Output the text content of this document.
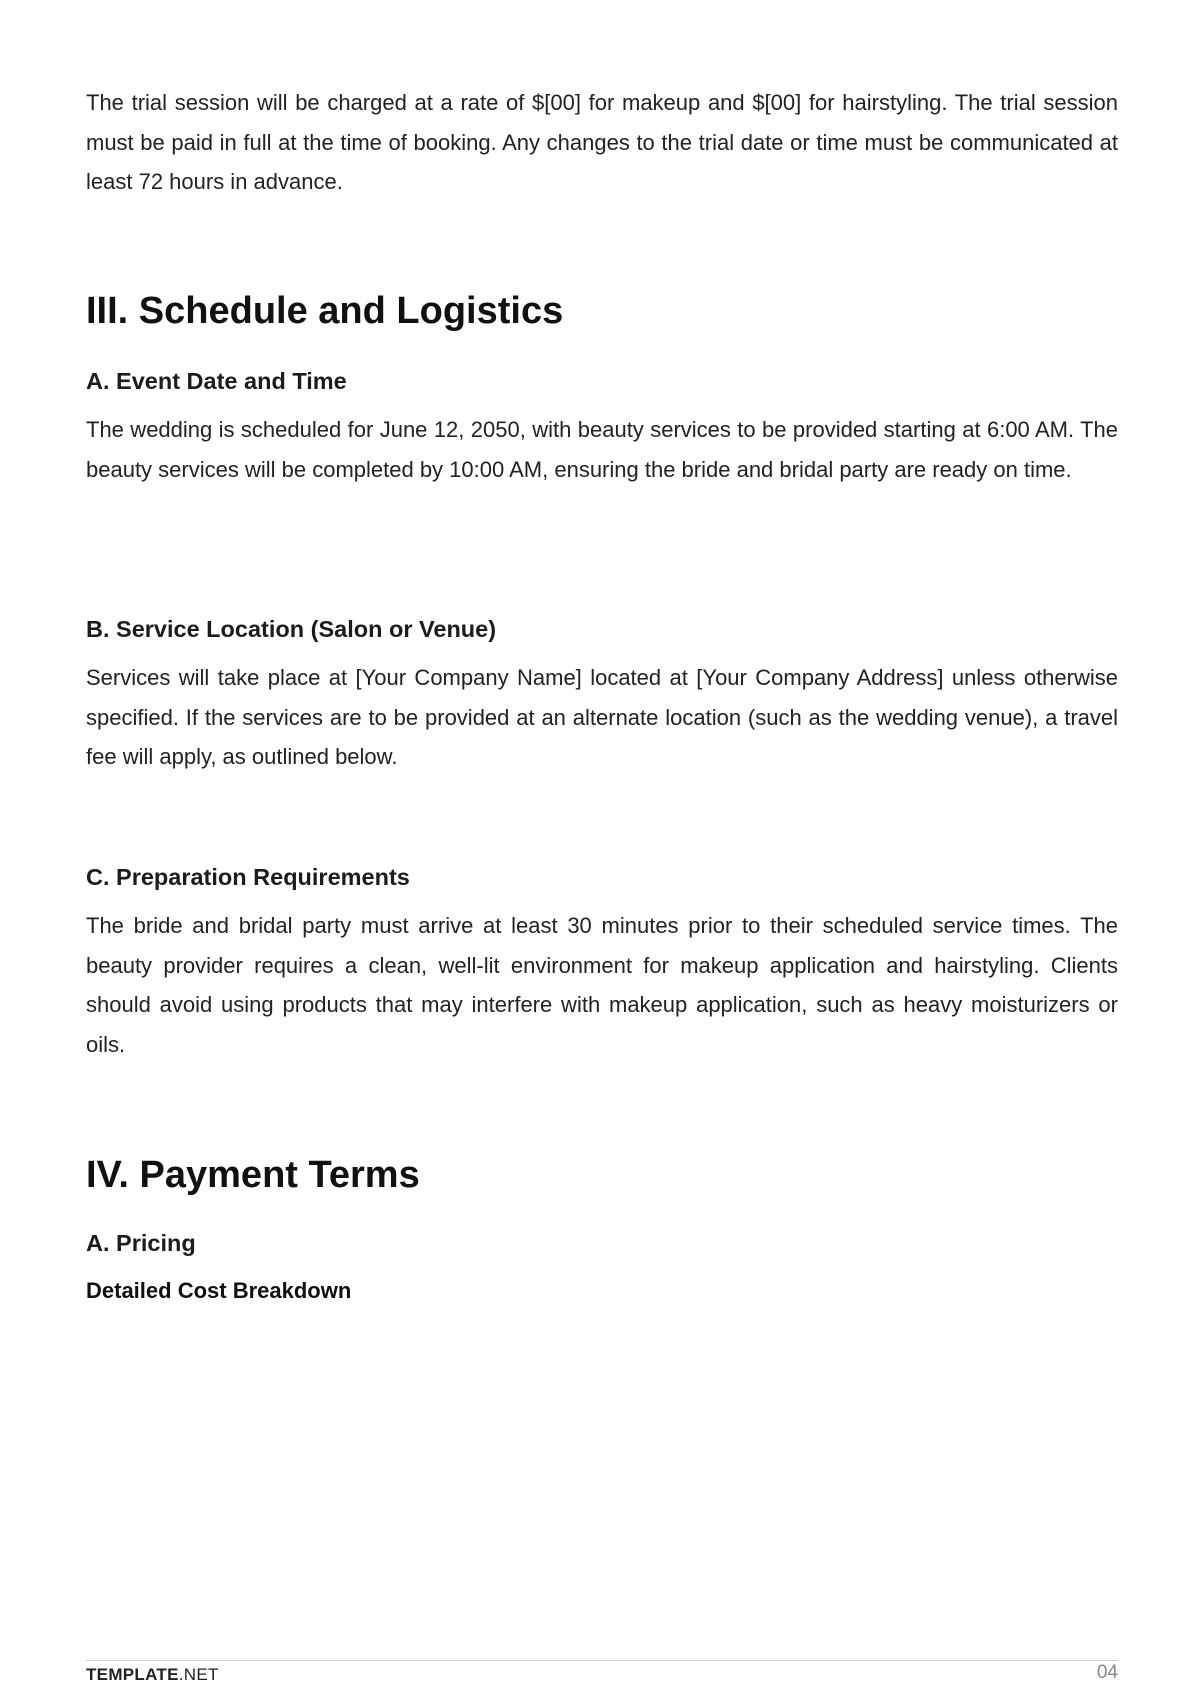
The trial session will be charged at a rate of $[00] for makeup and $[00] for hairstyling. The trial session must be paid in full at the time of booking. Any changes to the trial date or time must be communicated at least 72 hours in advance.

III. Schedule and Logistics
A. Event Date and Time

The wedding is scheduled for June 12, 2050, with beauty services to be provided starting at 6:00 AM. The beauty services will be completed by 10:00 AM, ensuring the bride and bridal party are ready on time.

B. Service Location (Salon or Venue)

Services will take place at [Your Company Name] located at [Your Company Address] unless otherwise specified. If the services are to be provided at an alternate location (such as the wedding venue), a travel fee will apply, as outlined below.

C. Preparation Requirements

The bride and bridal party must arrive at least 30 minutes prior to their scheduled service times. The beauty provider requires a clean, well-lit environment for makeup application and hairstyling. Clients should avoid using products that may interfere with makeup application, such as heavy moisturizers or oils.

IV. Payment Terms
A. Pricing
Detailed Cost Breakdown
TEMPLATE.NET	04
